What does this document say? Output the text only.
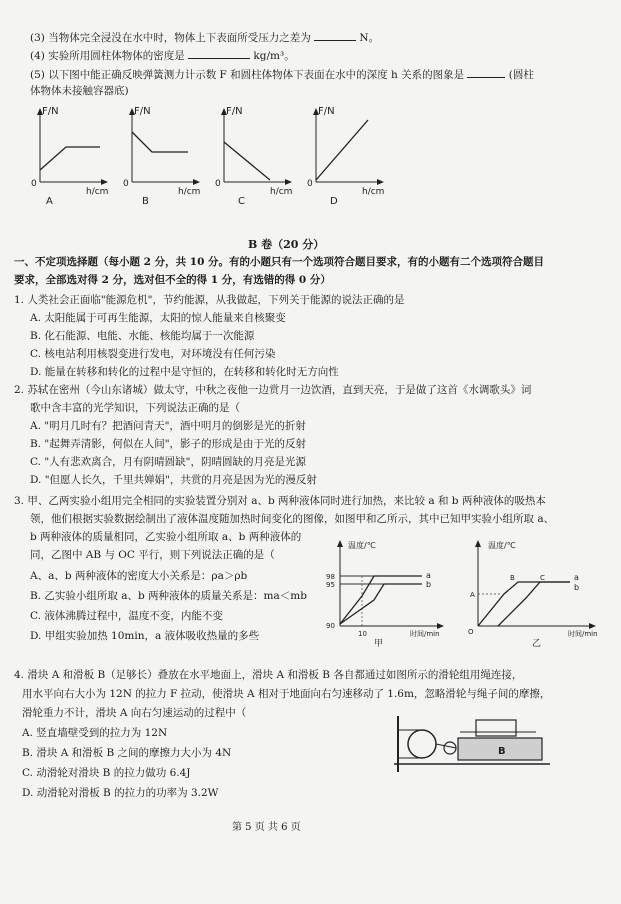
(3) 当物体完全浸没在水中时，物体上下表面所受压力之差为	N。
(4) 实验所用圆柱体物体的密度是	kg/m³。
(5) 以下图中能正确反映弹簧测力计示数 F 和圆柱体物体下表面在水中的深度 h 关系的图象是	(圆柱
体物体未接触容器底)
F/N
0
h/cm
A
F/N
0
h/cm
B
F/N
0
h/cm
C
F/N
0
h/cm
D
B 卷（20 分）
一、不定项选择题（每小题 2 分，共 10 分。有的小题只有一个选项符合题目要求，有的小题有二个选项符合题目
要求，全部选对得 2 分，选对但不全的得 1 分，有选错的得 0 分）
1. 人类社会正面临"能源危机"，节约能源，从我做起，下列关于能源的说法正确的是
A. 太阳能属于可再生能源，太阳的惊人能量来自核聚变
B. 化石能源、电能、水能、核能均属于一次能源
C. 核电站利用核裂变进行发电，对环境没有任何污染
D. 能量在转移和转化的过程中是守恒的，在转移和转化时无方向性
2. 苏轼在密州（今山东诸城）做太守，中秋之夜他一边赏月一边饮酒，直到天亮，于是做了这首《水调歌头》词
歌中含丰富的光学知识，下列说法正确的是（
A. "明月几时有？把酒问青天"，酒中明月的倒影是光的折射
B. "起舞弄清影，何似在人间"，影子的形成是由于光的反射
C. "人有悲欢离合，月有阴晴圆缺"，阴晴圆缺的月亮是光源
D. "但愿人长久，千里共婵娟"，共赏的月亮是因为光的漫反射
3. 甲、乙两实验小组用完全相同的实验装置分别对 a、b 两种液体同时进行加热，来比较 a 和 b 两种液体的吸热本
领，他们根据实验数据绘制出了液体温度随加热时间变化的图像，如图甲和乙所示，其中已知甲实验小组所取 a、
b 两种液体的质量相同，乙实验小组所取 a、b 两种液体的
同，乙图中 AB 与 OC 平行，则下列说法正确的是（
A、a、b 两种液体的密度大小关系是：ρa＞ρb
B. 乙实验小组所取 a、b 两种液体的质量关系是：ma＜mb
C. 液体沸腾过程中，温度不变，内能不变
D. 甲组实验加热 10min，a 液体吸收热量的多些
温度/℃
98
95
90
10
a
b
时间/min
甲
温度/℃
O
A
B	C	a
b
时间/min
乙
4. 滑块 A 和滑板 B（足够长）叠放在水平地面上，滑块 A 和滑板 B 各自都通过如图所示的滑轮组用绳连接，
用水平向右大小为 12N 的拉力 F 拉动，使滑块 A 相对于地面向右匀速移动了 1.6m，忽略滑轮与绳子间的摩擦，
滑轮重力不计，滑块 A 向右匀速运动的过程中（
A. 竖直墙壁受到的拉力为 12N
B. 滑块 A 和滑板 B 之间的摩擦力大小为 4N
C. 动滑轮对滑块 B 的拉力做功 6.4J
D. 动滑轮对滑板 B 的拉力的功率为 3.2W
B
第 5 页 共 6 页
